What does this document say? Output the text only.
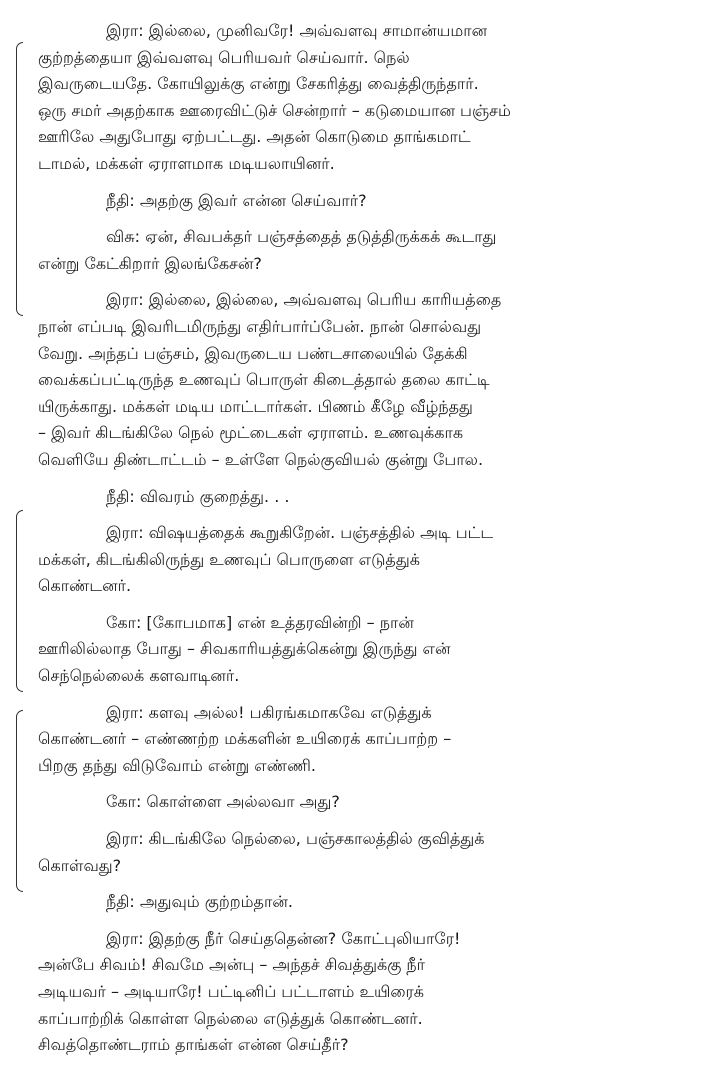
இரா: இல்லை, முனிவரே! அவ்வளவு சாமான்யமான
குற்றத்தையா இவ்வளவு பெரியவர் செய்வார். நெல்
இவருடையதே. கோயிலுக்கு என்று சேகரித்து வைத்திருந்தார்.
ஒரு சமர் அதற்காக ஊரைவிட்டுச் சென்றார் – கடுமையான பஞ்சம்
ஊரிலே அதுபோது ஏற்பட்டது. அதன் கொடுமை தாங்கமாட்
டாமல், மக்கள் ஏராளமாக மடியலாயினர்.

நீதி: அதற்கு இவர் என்ன செய்வார்?

விசு: ஏன், சிவபக்தர் பஞ்சத்தைத் தடுத்திருக்கக் கூடாது
என்று கேட்கிறார் இலங்கேசன்?

இரா: இல்லை, இல்லை, அவ்வளவு பெரிய காரியத்தை
நான் எப்படி இவரிடமிருந்து எதிர்பார்ப்பேன். நான் சொல்வது
வேறு. அந்தப் பஞ்சம், இவருடைய பண்டசாலையில் தேக்கி
வைக்கப்பட்டிருந்த உணவுப் பொருள் கிடைத்தால் தலை காட்டி
யிருக்காது. மக்கள் மடிய மாட்டார்கள். பிணம் கீழே வீழ்ந்தது
– இவர் கிடங்கிலே நெல் மூட்டைகள் ஏராளம். உணவுக்காக
வெளியே திண்டாட்டம் – உள்ளே நெல்குவியல் குன்று போல.

நீதி: விவரம் குறைத்து. . .

இரா: விஷயத்தைக் கூறுகிறேன். பஞ்சத்தில் அடி பட்ட
மக்கள், கிடங்கிலிருந்து உணவுப் பொருளை எடுத்துக்
கொண்டனர்.

கோ: [கோபமாக] என் உத்தரவின்றி – நான்
ஊரிலில்லாத போது – சிவகாரியத்துக்கென்று இருந்து என்
செந்நெல்லைக் களவாடினர்.

இரா: களவு அல்ல! பகிரங்கமாகவே எடுத்துக்
கொண்டனர் – எண்ணற்ற மக்களின் உயிரைக் காப்பாற்ற –
பிறகு தந்து விடுவோம் என்று எண்ணி.

கோ: கொள்ளை அல்லவா அது?

இரா: கிடங்கிலே நெல்லை, பஞ்சகாலத்தில் குவித்துக்
கொள்வது?

நீதி: அதுவும் குற்றம்தான்.

இரா: இதற்கு நீர் செய்ததென்ன? கோட்புலியாரே!
அன்பே சிவம்! சிவமே அன்பு – அந்தச் சிவத்துக்கு நீர்
அடியவர் – அடியாரே! பட்டினிப் பட்டாளம் உயிரைக்
காப்பாற்றிக் கொள்ள நெல்லை எடுத்துக் கொண்டனர்.
சிவத்தொண்டராம் தாங்கள் என்ன செய்தீர்?
